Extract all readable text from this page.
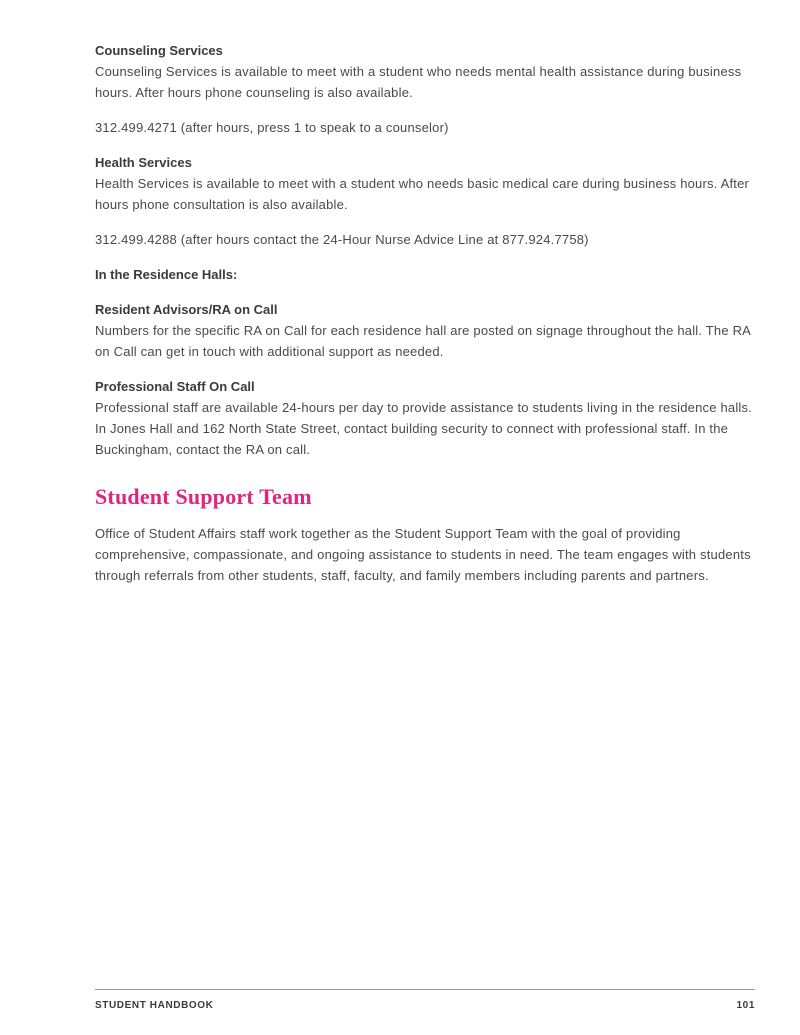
Counseling Services

Counseling Services is available to meet with a student who needs mental health assistance during business hours. After hours phone counseling is also available.

312.499.4271 (after hours, press 1 to speak to a counselor)

Health Services

Health Services is available to meet with a student who needs basic medical care during business hours. After hours phone consultation is also available.

312.499.4288 (after hours contact the 24-Hour Nurse Advice Line at 877.924.7758)

In the Residence Halls:
Resident Advisors/RA on Call

Numbers for the specific RA on Call for each residence hall are posted on signage throughout the hall. The RA on Call can get in touch with additional support as needed.

Professional Staff On Call

Professional staff are available 24-hours per day to provide assistance to students living in the residence halls. In Jones Hall and 162 North State Street, contact building security to connect with professional staff. In the Buckingham, contact the RA on call.

Student Support Team

Office of Student Affairs staff work together as the Student Support Team with the goal of providing comprehensive, compassionate, and ongoing assistance to students in need. The team engages with students through referrals from other students, staff, faculty, and family members including parents and partners.

STUDENT HANDBOOK	101
